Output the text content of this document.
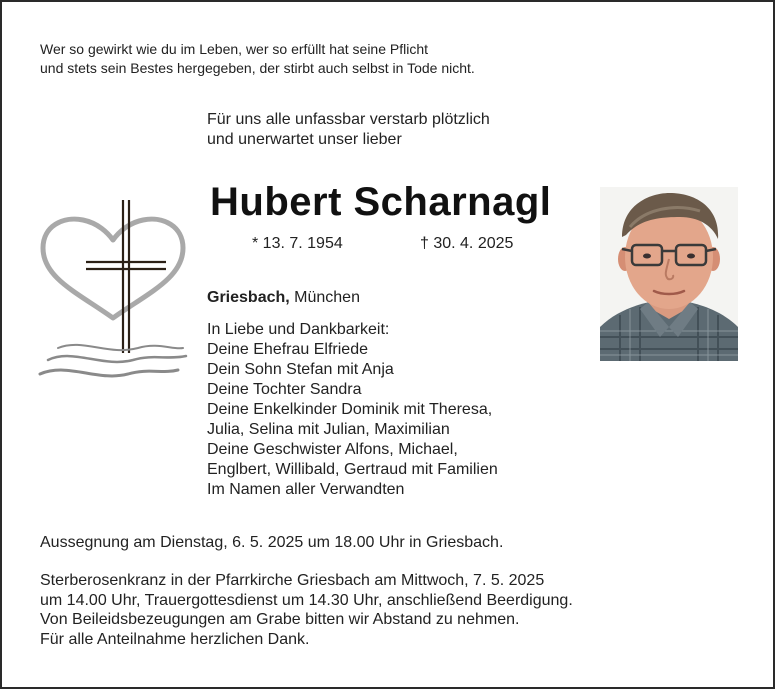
Wer so gewirkt wie du im Leben, wer so erfüllt hat seine Pflicht
und stets sein Bestes hergegeben, der stirbt auch selbst in Tode nicht.
Für uns alle unfassbar verstarb plötzlich
und unerwartet unser lieber
Hubert Scharnagl
* 13. 7. 1954	† 30. 4. 2025
Griesbach, München
In Liebe und Dankbarkeit:
Deine Ehefrau Elfriede
Dein Sohn Stefan mit Anja
Deine Tochter Sandra
Deine Enkelkinder Dominik mit Theresa,
Julia, Selina mit Julian, Maximilian
Deine Geschwister Alfons, Michael,
Englbert, Willibald, Gertraud mit Familien
Im Namen aller Verwandten
Aussegnung am Dienstag, 6. 5. 2025 um 18.00 Uhr in Griesbach.
Sterberosenkranz in der Pfarrkirche Griesbach am Mittwoch, 7. 5. 2025
um 14.00 Uhr, Trauergottesdienst um 14.30 Uhr, anschließend Beerdigung.
Von Beileidsbezeugungen am Grabe bitten wir Abstand zu nehmen.
Für alle Anteilnahme herzlichen Dank.
